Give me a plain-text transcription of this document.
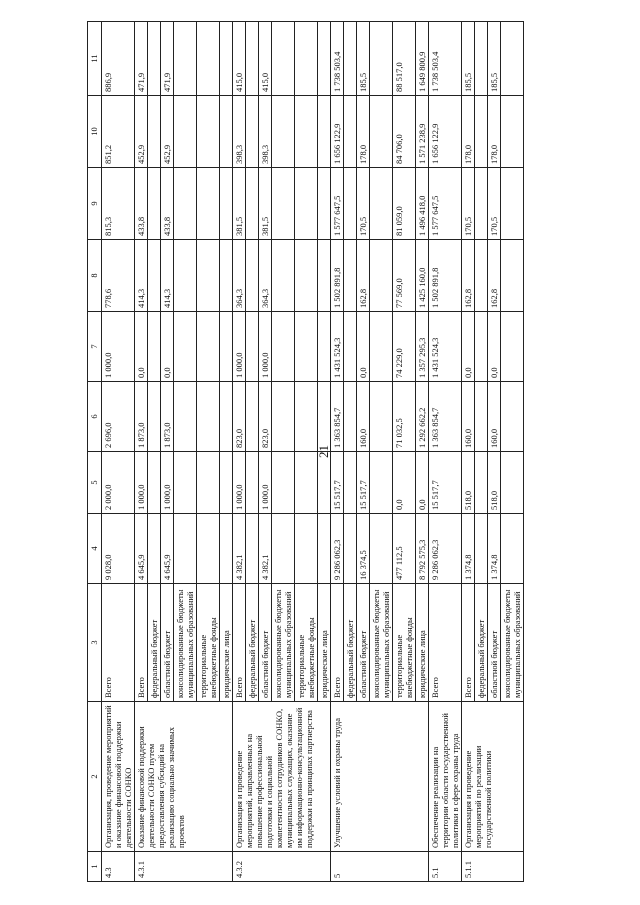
21
1	2	3	4	5	6	7	8	9	10	11
4.3	Организация, проведение мероприятий и оказание финансовой поддержки деятельности СОНКО	Всего	9 028,0	2 000,0	2 696,0	1 000,0	778,6	815,3	851,2	886,9
4.3.1	Оказание финансовой поддержки деятельности СОНКО путем предоставления субсидий на реализацию социально значимых проектов	Всего	4 645,9	1 000,0	1 873,0	0,0	414,3	433,8	452,9	471,9
		федеральный бюджет								
		областной бюджет	4 645,9	1 000,0	1 873,0	0,0	414,3	433,8	452,9	471,9
		консолидированные бюджеты муниципальных образований								
		территориальные внебюджетные фонды								
		юридические лица								
4.3.2	Организация и проведение мероприятий, направленных на повышение профессиональной подготовки и социальной компетентности сотрудников СОНКО, муниципальных служащих, оказание им информационно-консультационной поддержки на принципах партнерства	Всего	4 382,1	1 000,0	823,0	1 000,0	364,3	381,5	398,3	415,0
		федеральный бюджет								
		областной бюджет	4 382,1	1 000,0	823,0	1 000,0	364,3	381,5	398,3	415,0
		консолидированные бюджеты муниципальных образований								
		территориальные внебюджетные фонды								
		юридические лица								
5	Улучшение условий и охраны труда	Всего	9 286 062,3	15 517,7	1 363 854,7	1 431 524,3	1 502 891,8	1 577 647,5	1 656 122,9	1 738 503,4
		федеральный бюджет								
		областной бюджет	16 374,5	15 517,7	160,0	0,0	162,8	170,5	178,0	185,5
		консолидированные бюджеты муниципальных образований								
		территориальные внебюджетные фонды	477 112,5	0,0	71 032,5	74 229,0	77 569,0	81 059,0	84 706,0	88 517,0
		юридические лица	8 792 575,3	0,0	1 292 662,2	1 357 295,3	1 425 160,0	1 496 418,0	1 571 238,9	1 649 800,9
5.1	Обеспечение реализации на территории области государственной политики в сфере охраны труда	Всего	9 286 062,3	15 517,7	1 363 854,7	1 431 524,3	1 502 891,8	1 577 647,5	1 656 122,9	1 738 503,4
5.1.1	Организация и проведение мероприятий по реализации государственной политики	Всего	1 374,8	518,0	160,0	0,0	162,8	170,5	178,0	185,5
		федеральный бюджет								
		областной бюджет	1 374,8	518,0	160,0	0,0	162,8	170,5	178,0	185,5
		консолидированные бюджеты муниципальных образований								
